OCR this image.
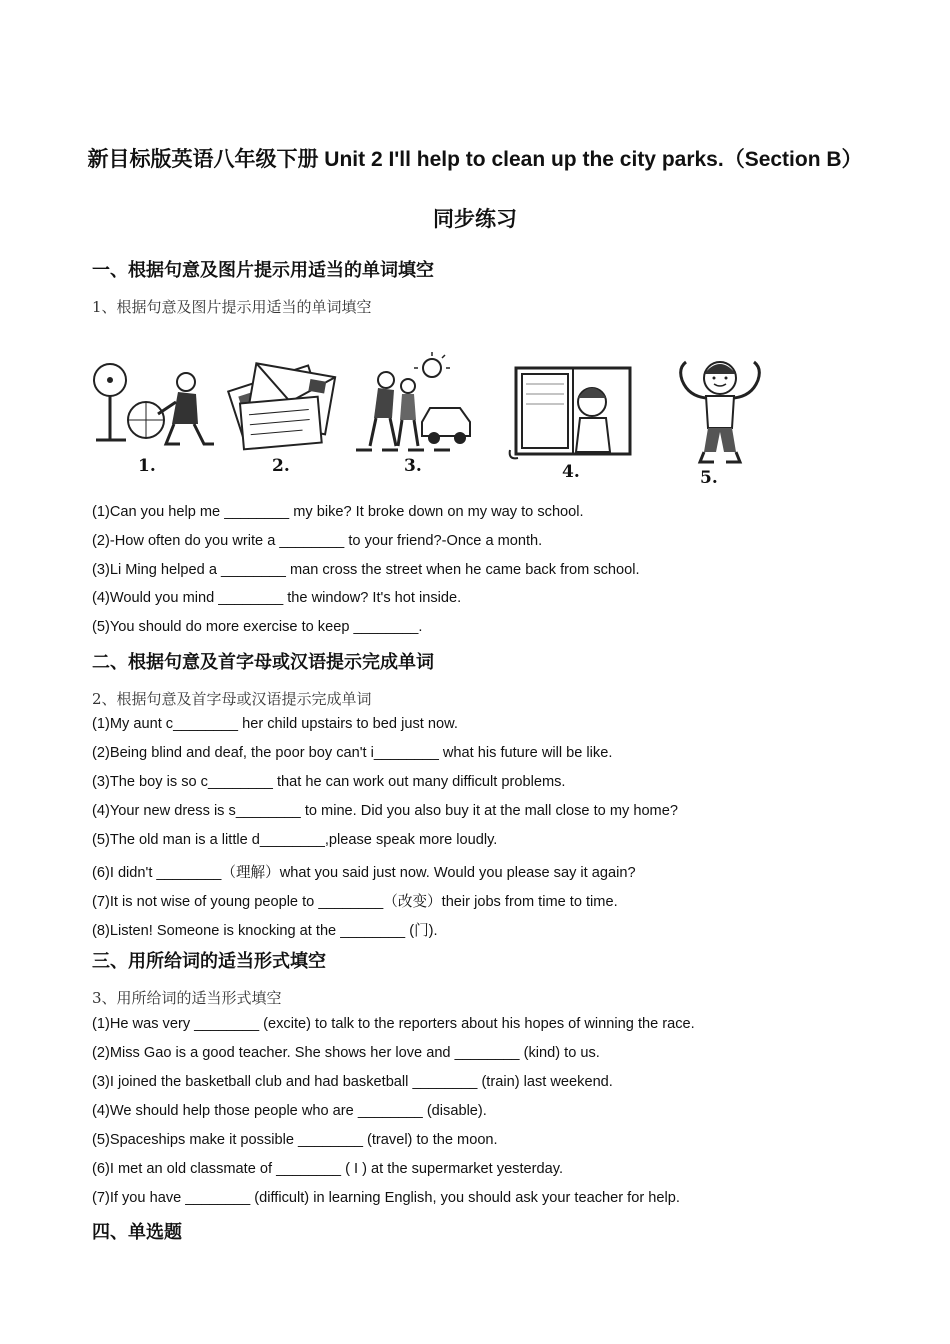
新目标版英语八年级下册 Unit 2 I'll help to clean up the city parks.（Section B）
同步练习
一、根据句意及图片提示用适当的单词填空
1、根据句意及图片提示用适当的单词填空
1.	2.	3.	4.	5.
(1)Can you help me ________ my bike? It broke down on my way to school.
(2)-How often do you write a ________ to your friend?-Once a month.
(3)Li Ming helped a ________ man cross the street when he came back from school.
(4)Would you mind ________ the window? It's hot inside.
(5)You should do more exercise to keep ________.
二、根据句意及首字母或汉语提示完成单词
2、根据句意及首字母或汉语提示完成单词
(1)My aunt c________ her child upstairs to bed just now.
(2)Being blind and deaf, the poor boy can't i________ what his future will be like.
(3)The boy is so c________ that he can work out many difficult problems.
(4)Your new dress is s________ to mine. Did you also buy it at the mall close to my home?
(5)The old man is a little d________,please speak more loudly.
(6)I didn't ________（理解）what you said just now. Would you please say it again?
(7)It is not wise of young people to ________（改变）their jobs from time to time.
(8)Listen! Someone is knocking at the ________ (门).
三、用所给词的适当形式填空
3、用所给词的适当形式填空
(1)He was very ________ (excite) to talk to the reporters about his hopes of winning the race.
(2)Miss Gao is a good teacher. She shows her love and ________ (kind) to us.
(3)I joined the basketball club and had basketball ________ (train) last weekend.
(4)We should help those people who are ________ (disable).
(5)Spaceships make it possible ________ (travel) to the moon.
(6)I met an old classmate of ________ ( I ) at the supermarket yesterday.
(7)If you have ________ (difficult) in learning English, you should ask your teacher for help.
四、单选题
